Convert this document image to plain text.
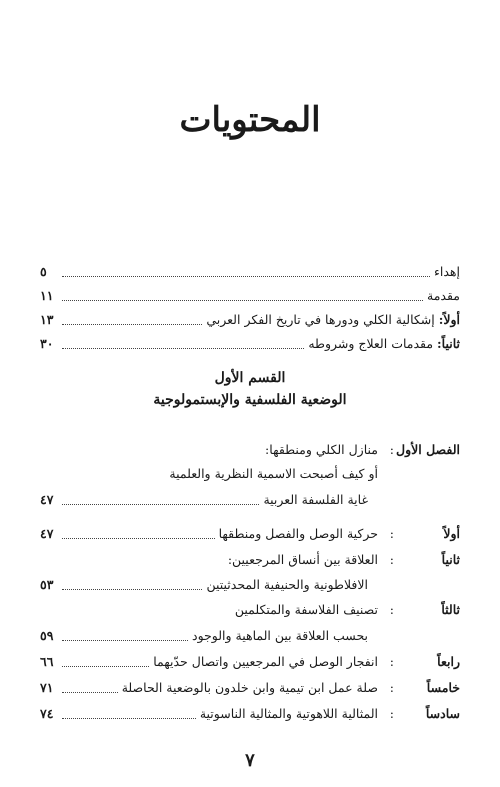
المحتويات
إهداء
٥
مقدمة
١١
أولاً: إشكالية الكلي ودورها في تاريخ الفكر العربي
١٣
ثانياً: مقدمات العلاج وشروطه
٣٠
القسم الأول
الوضعية الفلسفية والإبستمولوجية
الفصل الأول
:
منازل الكلي ومنطقها:
أو كيف أصبحت الاسمية النظرية والعلمية
غاية الفلسفة العربية
٤٧
أولاً
:
حركية الوصل والفصل ومنطقها
٤٧
ثانياً
:
العلاقة بين أنساق المرجعيين:
الافلاطونية والحنيفية المحدثيتين
٥٣
ثالثاً
:
تصنيف الفلاسفة والمتكلمين
بحسب العلاقة بين الماهية والوجود
٥٩
رابعاً
:
انفجار الوصل في المرجعيين واتصال حدّيهما
٦٦
خامساً
:
صلة عمل ابن تيمية وابن خلدون بالوضعية الحاصلة
٧١
سادساً
:
المثالية اللاهوتية والمثالية الناسوتية
٧٤
٧
